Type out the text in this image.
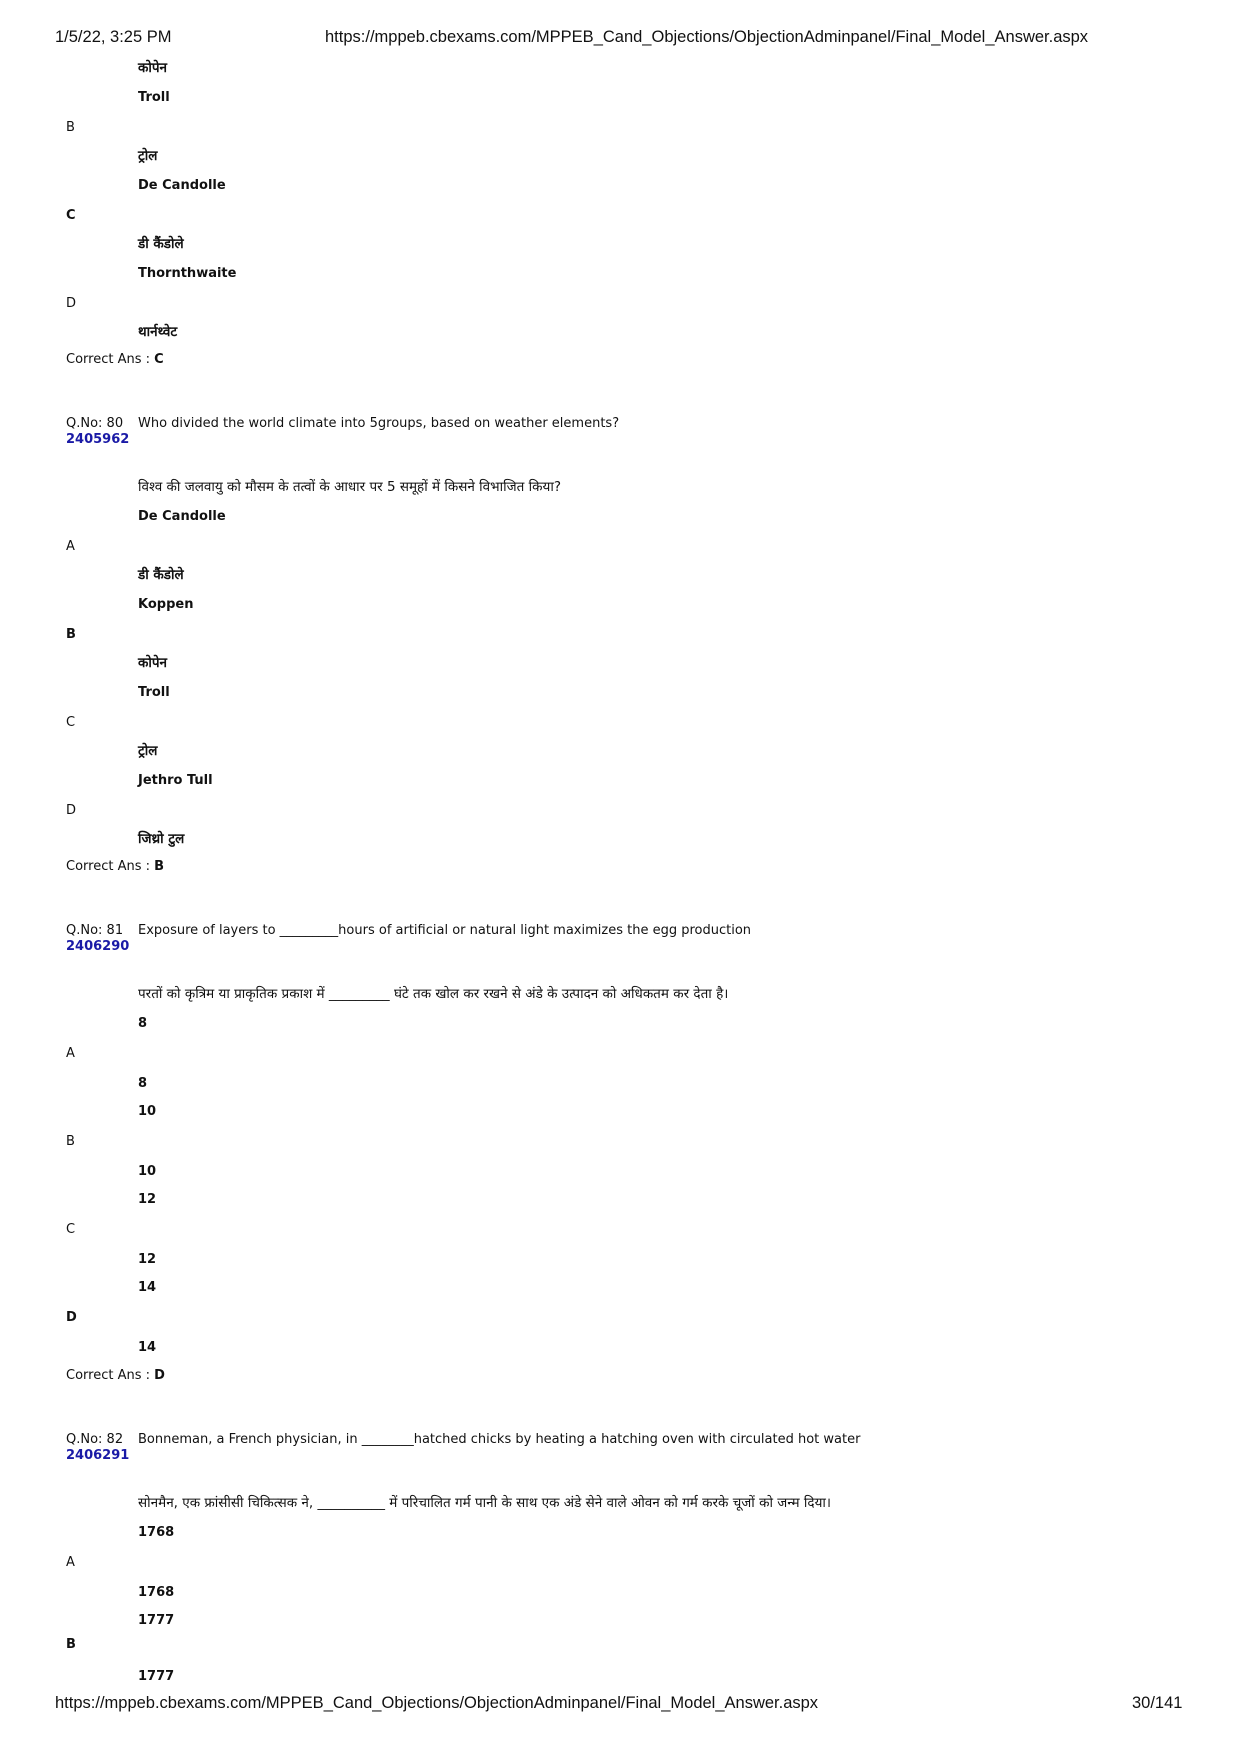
1/5/22, 3:25 PM	https://mppeb.cbexams.com/MPPEB_Cand_Objections/ObjectionAdminpanel/Final_Model_Answer.aspx
https://mppeb.cbexams.com/MPPEB_Cand_Objections/ObjectionAdminpanel/Final_Model_Answer.aspx	30/141
कोपेन
Troll
B
ट्रोल
De Candolle
C
डी कैंडोले
Thornthwaite
D
थार्नथ्वेट
Correct Ans : C
Q.No: 80
2405962
Who divided the world climate into 5groups, based on weather elements?
विश्व की जलवायु को मौसम के तत्वों के आधार पर 5 समूहों में किसने विभाजित किया?
De Candolle
A
डी कैंडोले
Koppen
B
कोपेन
Troll
C
ट्रोल
Jethro Tull
D
जिथ्रो टुल
Correct Ans : B
Q.No: 81
2406290
Exposure of layers to _________hours of artificial or natural light maximizes the egg production
परतों को कृत्रिम या प्राकृतिक प्रकाश में _________ घंटे तक खोल कर रखने से अंडे के उत्पादन को अधिकतम कर देता है।
8
A
8
10
B
10
12
C
12
14
D
14
Correct Ans : D
Q.No: 82
2406291
Bonneman, a French physician, in ________hatched chicks by heating a hatching oven with circulated hot water
सोनमैन, एक फ्रांसीसी चिकित्सक ने, __________ में परिचालित गर्म पानी के साथ एक अंडे सेने वाले ओवन को गर्म करके चूजों को जन्म दिया।
1768
A
1768
1777
B
1777
